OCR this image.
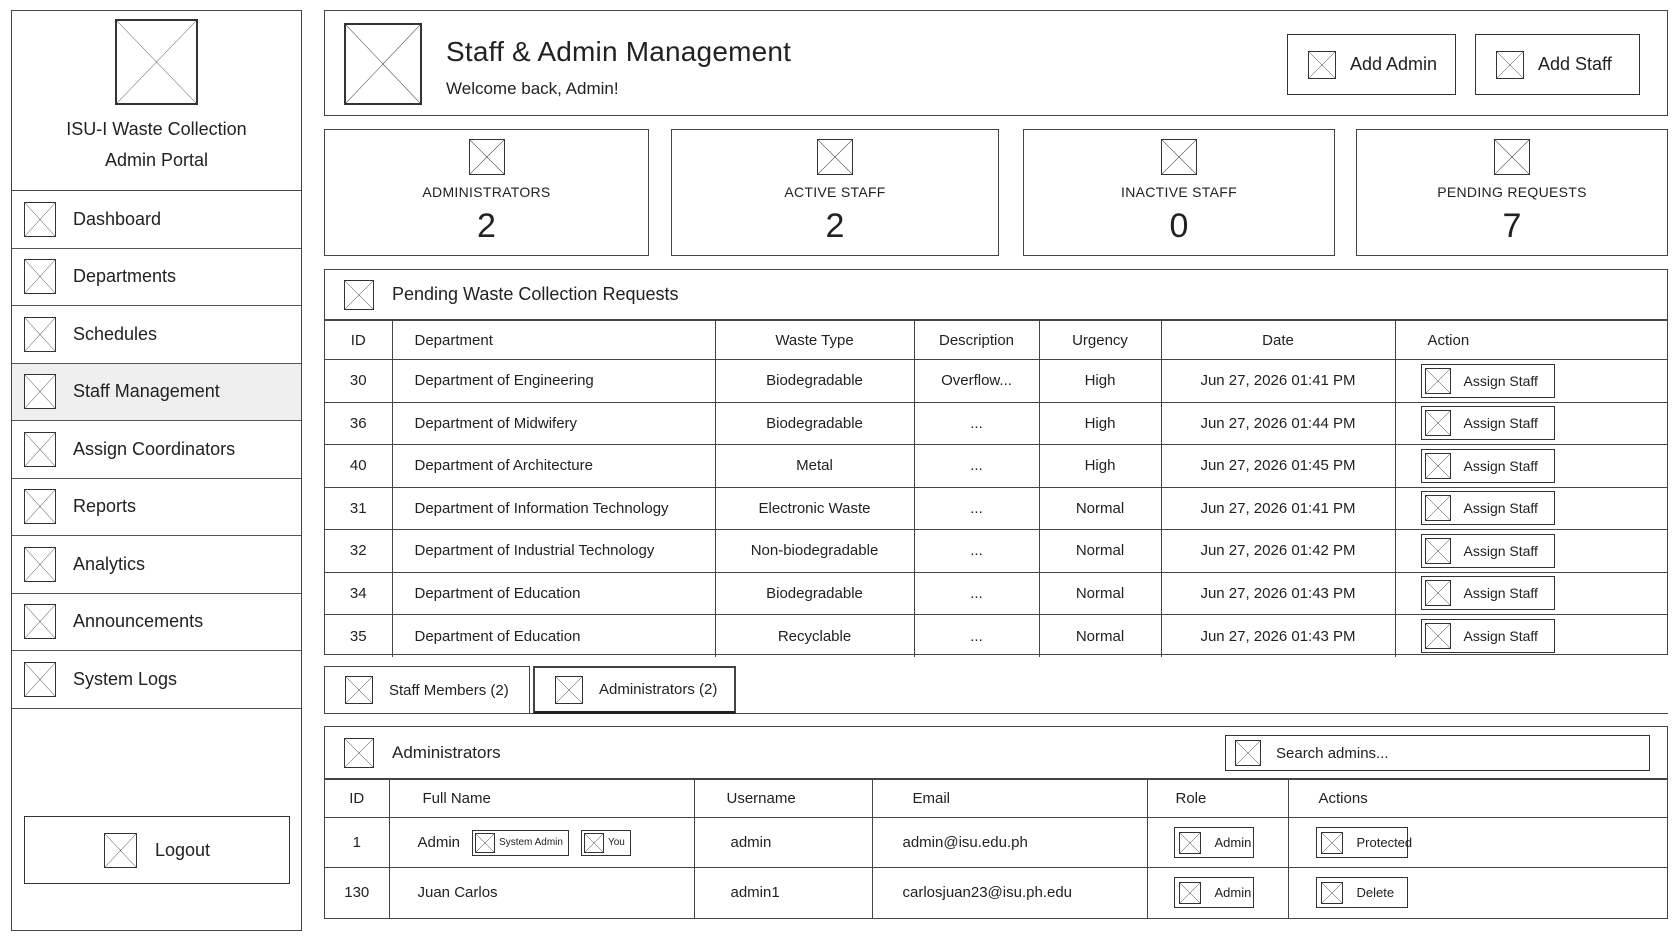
ISU-I Waste Collection
Admin Portal
Dashboard
Departments
Schedules
Staff Management
Assign Coordinators
Reports
Analytics
Announcements
System Logs
Logout
Staff & Admin Management
Welcome back, Admin!
Add Admin	Add Staff
ADMINISTRATORS
2
ACTIVE STAFF
2
INACTIVE STAFF
0
PENDING REQUESTS
7
Pending Waste Collection Requests
ID	Department	Waste Type	Description	Urgency	Date	Action
30	Department of Engineering	Biodegradable	Overflow...	High	Jun 27, 2026 01:41 PM	Assign Staff

36	Department of Midwifery	Biodegradable	...	High	Jun 27, 2026 01:44 PM	Assign Staff

40	Department of Architecture	Metal	...	High	Jun 27, 2026 01:45 PM	Assign Staff

31	Department of Information Technology	Electronic Waste	...	Normal	Jun 27, 2026 01:41 PM	Assign Staff

32	Department of Industrial Technology	Non-biodegradable	...	Normal	Jun 27, 2026 01:42 PM	Assign Staff

34	Department of Education	Biodegradable	...	Normal	Jun 27, 2026 01:43 PM	Assign Staff

35	Department of Education	Recyclable	...	Normal	Jun 27, 2026 01:43 PM	Assign Staff
Staff Members (2)	Administrators (2)
Administrators	Search admins...
ID	Full Name	Username	Email	Role	Actions
1	Admin System Admin You	admin	admin@isu.edu.ph	Admin	Protected

130	Juan Carlos	admin1	carlosjuan23@isu.ph.edu	Admin	Delete
